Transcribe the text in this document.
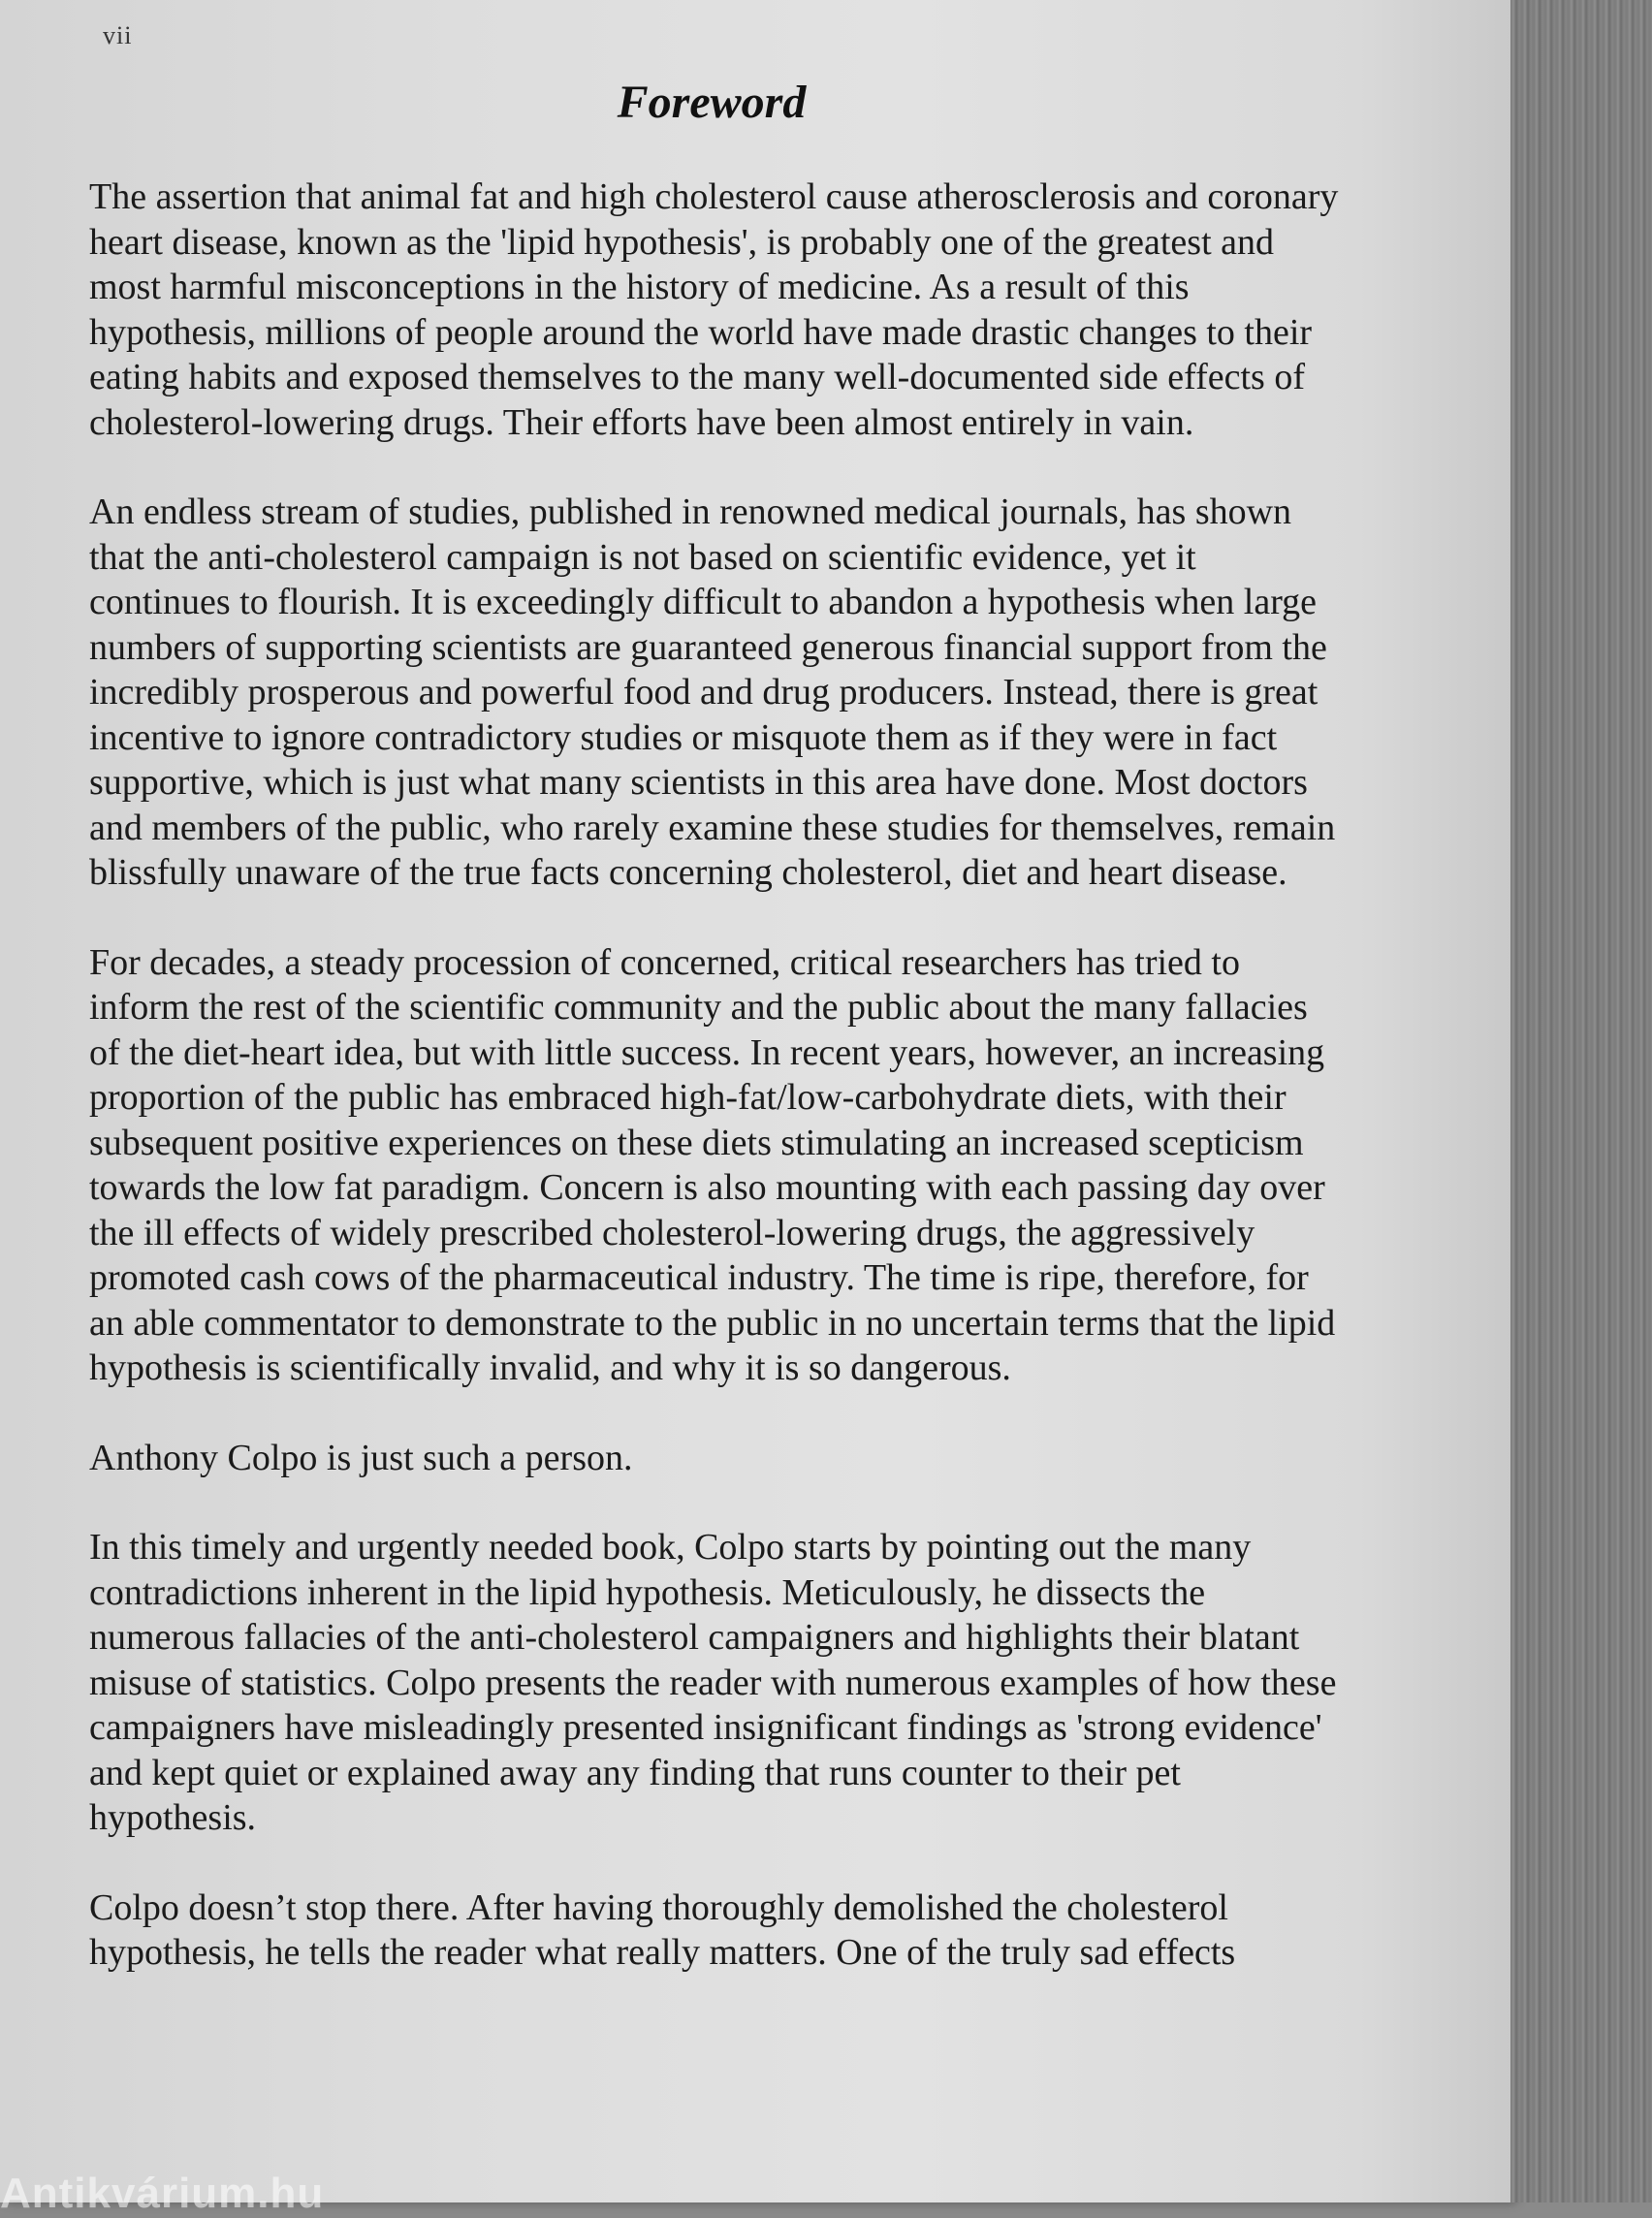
vii
Foreword

The assertion that animal fat and high cholesterol cause atherosclerosis and coronary heart disease, known as the 'lipid hypothesis', is probably one of the greatest and most harmful misconceptions in the history of medicine. As a result of this hypothesis, millions of people around the world have made drastic changes to their eating habits and exposed themselves to the many well-documented side effects of cholesterol-lowering drugs. Their efforts have been almost entirely in vain.

An endless stream of studies, published in renowned medical journals, has shown that the anti-cholesterol campaign is not based on scientific evidence, yet it continues to flourish. It is exceedingly difficult to abandon a hypothesis when large numbers of supporting scientists are guaranteed generous financial support from the incredibly prosperous and powerful food and drug producers. Instead, there is great incentive to ignore contradictory studies or misquote them as if they were in fact supportive, which is just what many scientists in this area have done. Most doctors and members of the public, who rarely examine these studies for themselves, remain blissfully unaware of the true facts concerning cholesterol, diet and heart disease.

For decades, a steady procession of concerned, critical researchers has tried to inform the rest of the scientific community and the public about the many fallacies of the diet-heart idea, but with little success. In recent years, however, an increasing proportion of the public has embraced high-fat/low-carbohydrate diets, with their subsequent positive experiences on these diets stimulating an increased scepticism towards the low fat paradigm. Concern is also mounting with each passing day over the ill effects of widely prescribed cholesterol-lowering drugs, the aggressively promoted cash cows of the pharmaceutical industry. The time is ripe, therefore, for an able commentator to demonstrate to the public in no uncertain terms that the lipid hypothesis is scientifically invalid, and why it is so dangerous.

Anthony Colpo is just such a person.

In this timely and urgently needed book, Colpo starts by pointing out the many contradictions inherent in the lipid hypothesis. Meticulously, he dissects the numerous fallacies of the anti-cholesterol campaigners and highlights their blatant misuse of statistics. Colpo presents the reader with numerous examples of how these campaigners have misleadingly presented insignificant findings as 'strong evidence' and kept quiet or explained away any finding that runs counter to their pet hypothesis.

Colpo doesn’t stop there. After having thoroughly demolished the cholesterol hypothesis, he tells the reader what really matters. One of the truly sad effects

Antikvárium.hu
